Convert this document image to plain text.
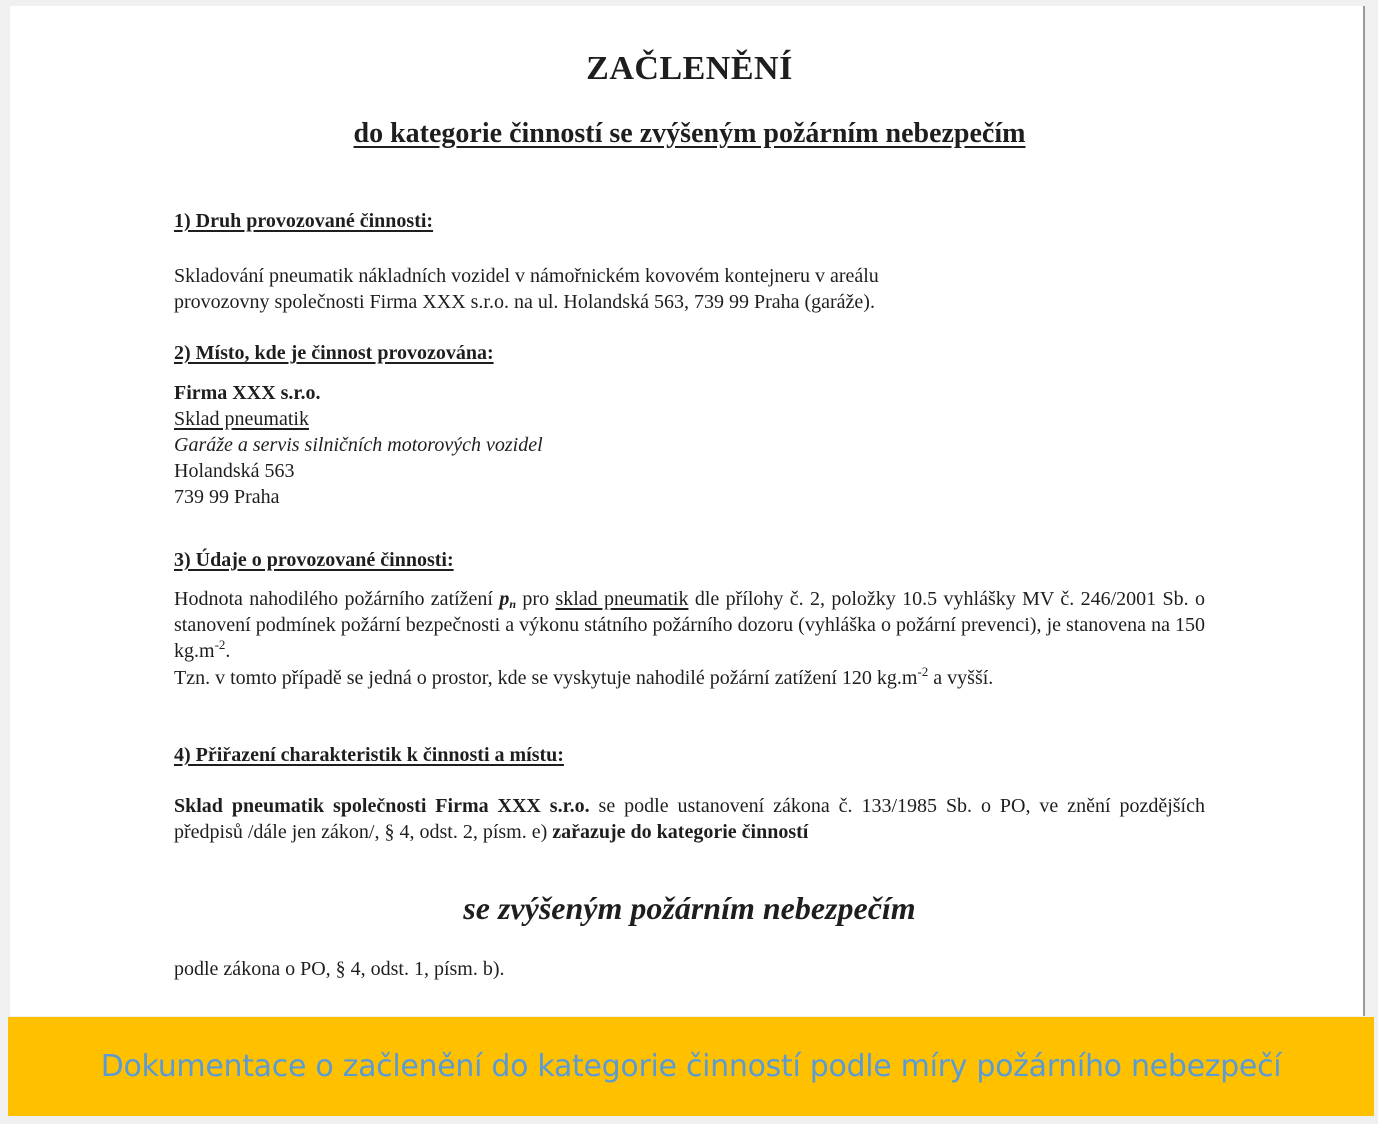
ZAČLENĚNÍ
do kategorie činností se zvýšeným požárním nebezpečím
1) Druh provozované činnosti:
Skladování pneumatik nákladních vozidel v námořnickém kovovém kontejneru v areálu
provozovny společnosti Firma XXX s.r.o. na ul. Holandská 563, 739 99 Praha (garáže).
2) Místo, kde je činnost provozována:
Firma XXX s.r.o.
Sklad pneumatik
Garáže a servis silničních motorových vozidel
Holandská 563
739 99 Praha
3) Údaje o provozované činnosti:
Hodnota nahodilého požárního zatížení $p_n$ pro sklad pneumatik dle přílohy č. 2, položky 10.5 vyhlášky MV č. 246/2001 Sb. o stanovení podmínek požární bezpečnosti a výkonu státního požárního dozoru (vyhláška o požární prevenci), je stanovena na 150 $kg.m^{-2}$.
Tzn. v tomto případě se jedná o prostor, kde se vyskytuje nahodilé požární zatížení 120 $kg.m^{-2}$ a vyšší.
4) Přiřazení charakteristik k činnosti a místu:
Sklad pneumatik společnosti Firma XXX s.r.o. se podle ustanovení zákona č. 133/1985 Sb. o PO, ve znění pozdějších předpisů /dále jen zákon/, § 4, odst. 2, písm. e) zařazuje do kategorie činností
se zvýšeným požárním nebezpečím
podle zákona o PO, § 4, odst. 1, písm. b).
Dokumentace o začlenění do kategorie činností podle míry požárního nebezpečí
